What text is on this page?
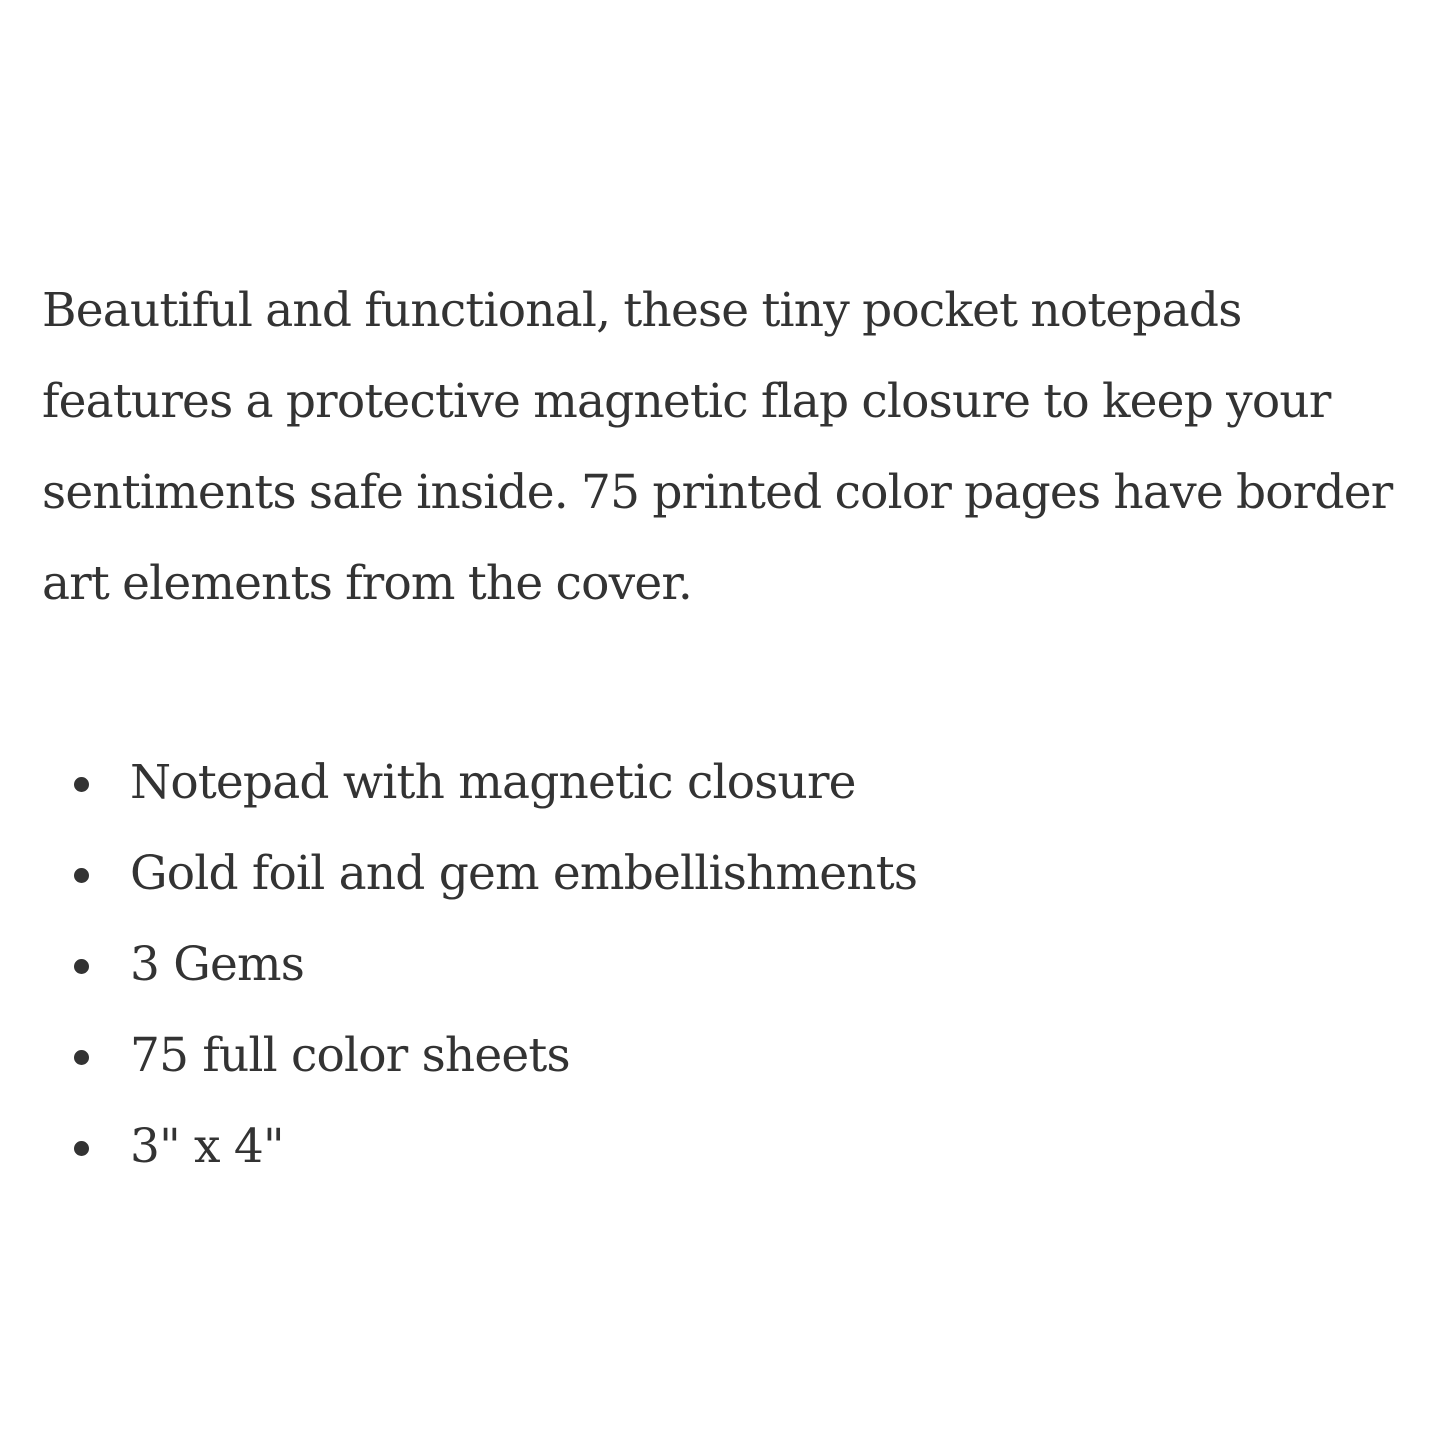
Beautiful and functional, these tiny pocket notepads features a protective magnetic flap closure to keep your sentiments safe inside. 75 printed color pages have border art elements from the cover.

Notepad with magnetic closure
Gold foil and gem embellishments
3 Gems
75 full color sheets
3" x 4"
